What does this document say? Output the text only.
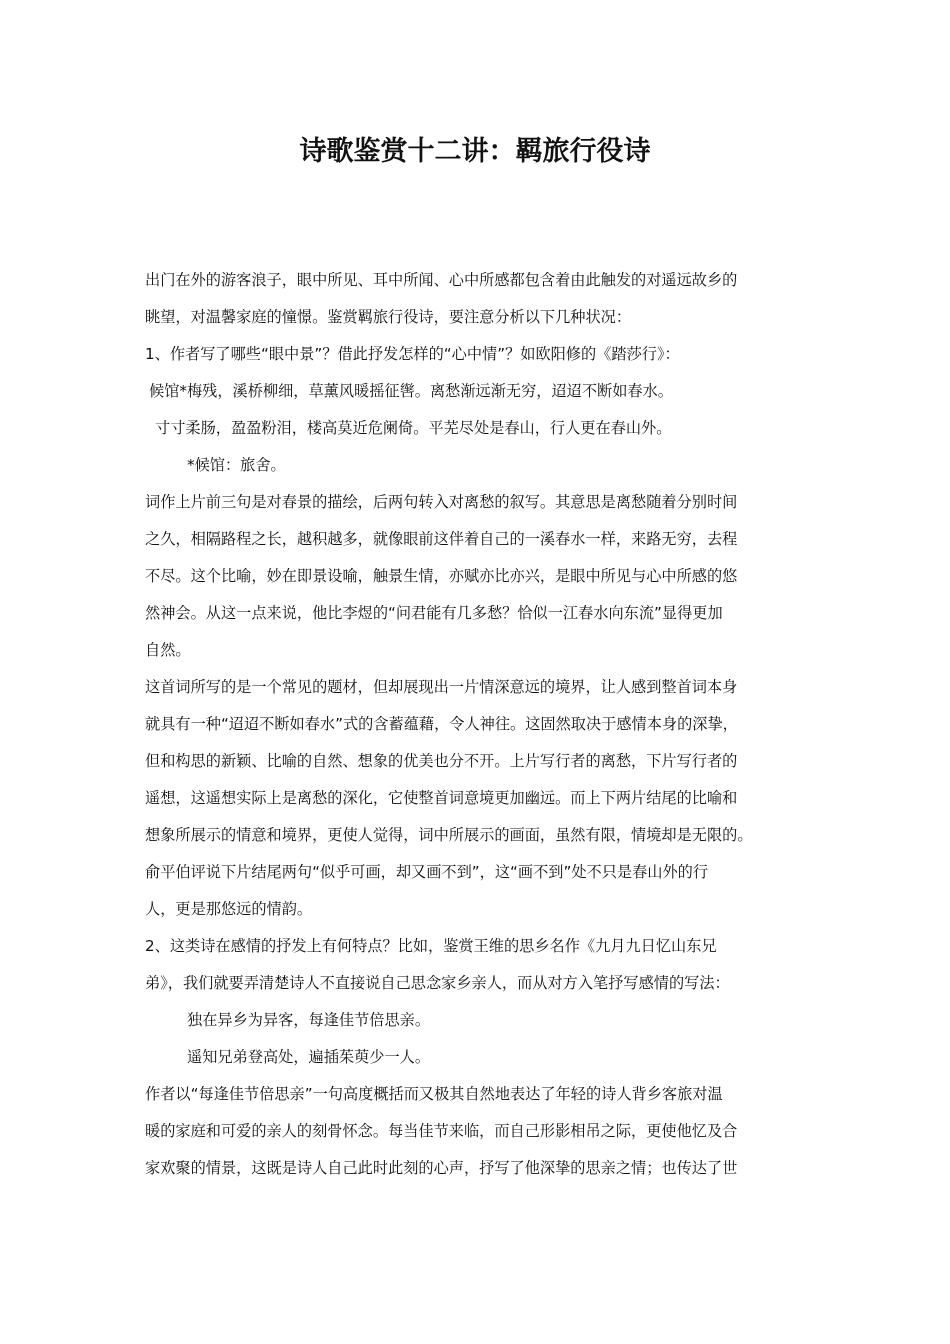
诗歌鉴赏十二讲：羁旅行役诗
出门在外的游客浪子，眼中所见、耳中所闻、心中所感都包含着由此触发的对遥远故乡的
眺望，对温馨家庭的憧憬。鉴赏羁旅行役诗，要注意分析以下几种状况：
1、作者写了哪些“眼中景”？借此抒发怎样的“心中情”？如欧阳修的《踏莎行》：
候馆*梅残，溪桥柳细，草薰风暖摇征辔。离愁渐远渐无穷，迢迢不断如春水。
寸寸柔肠，盈盈粉泪，楼高莫近危阑倚。平芜尽处是春山，行人更在春山外。
*候馆：旅舍。
词作上片前三句是对春景的描绘，后两句转入对离愁的叙写。其意思是离愁随着分别时间
之久，相隔路程之长，越积越多，就像眼前这伴着自己的一溪春水一样，来路无穷，去程
不尽。这个比喻，妙在即景设喻，触景生情，亦赋亦比亦兴，是眼中所见与心中所感的悠
然神会。从这一点来说，他比李煜的“问君能有几多愁？恰似一江春水向东流”显得更加
自然。
这首词所写的是一个常见的题材，但却展现出一片情深意远的境界，让人感到整首词本身
就具有一种“迢迢不断如春水”式的含蓄蕴藉，令人神往。这固然取决于感情本身的深挚，
但和构思的新颖、比喻的自然、想象的优美也分不开。上片写行者的离愁，下片写行者的
遥想，这遥想实际上是离愁的深化，它使整首词意境更加幽远。而上下两片结尾的比喻和
想象所展示的情意和境界，更使人觉得，词中所展示的画面，虽然有限，情境却是无限的。
俞平伯评说下片结尾两句“似乎可画，却又画不到”，这“画不到”处不只是春山外的行
人，更是那悠远的情韵。
2、这类诗在感情的抒发上有何特点？比如，鉴赏王维的思乡名作《九月九日忆山东兄
弟》，我们就要弄清楚诗人不直接说自己思念家乡亲人，而从对方入笔抒写感情的写法：
独在异乡为异客，每逢佳节倍思亲。
遥知兄弟登高处，遍插茱萸少一人。
作者以“每逢佳节倍思亲”一句高度概括而又极其自然地表达了年轻的诗人背乡客旅对温
暖的家庭和可爱的亲人的刻骨怀念。每当佳节来临，而自己形影相吊之际，更使他忆及合
家欢聚的情景，这既是诗人自己此时此刻的心声，抒写了他深挚的思亲之情；也传达了世
